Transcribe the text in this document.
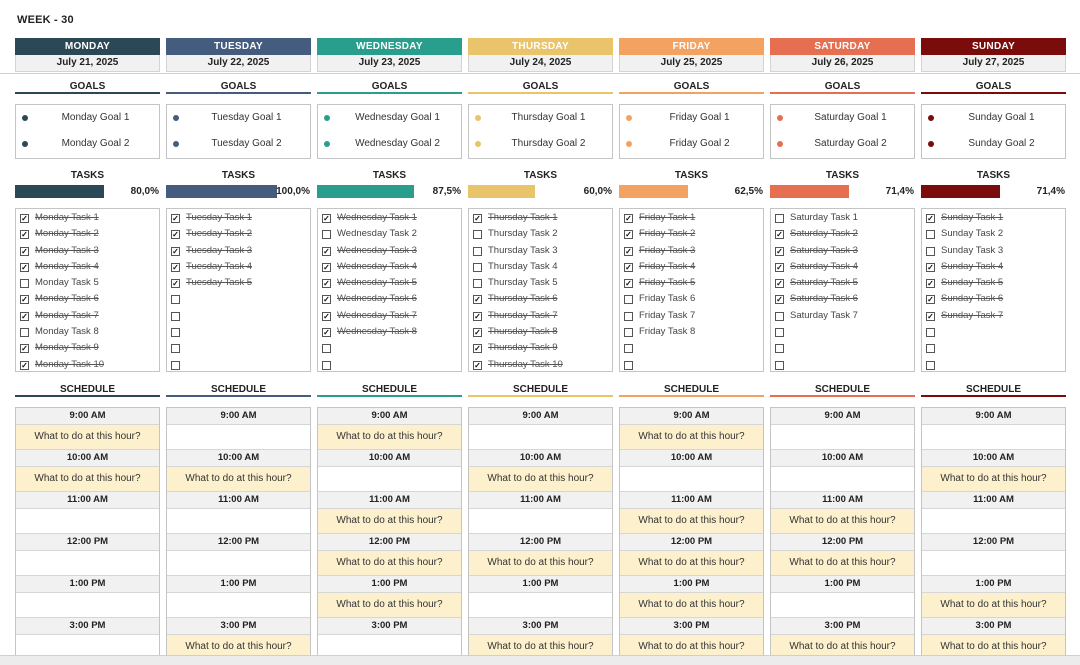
WEEK - 30
MONDAY
July 21, 2025
GOALS
Monday Goal 1
Monday Goal 2
TASKS
80,0%
✓ Monday Task 1
✓ Monday Task 2
✓ Monday Task 3
✓ Monday Task 4
Monday Task 5
✓ Monday Task 6
✓ Monday Task 7
Monday Task 8
✓ Monday Task 9
✓ Monday Task 10
SCHEDULE
9:00 AM
What to do at this hour?
10:00 AM
What to do at this hour?
11:00 AM
12:00 PM
1:00 PM
3:00 PM
TUESDAY
July 22, 2025
GOALS
Tuesday Goal 1
Tuesday Goal 2
TASKS
100,0%
✓ Tuesday Task 1
✓ Tuesday Task 2
✓ Tuesday Task 3
✓ Tuesday Task 4
✓ Tuesday Task 5
SCHEDULE
9:00 AM
10:00 AM
What to do at this hour?
11:00 AM
12:00 PM
1:00 PM
3:00 PM
What to do at this hour?
WEDNESDAY
July 23, 2025
GOALS
Wednesday Goal 1
Wednesday Goal 2
TASKS
87,5%
✓ Wednesday Task 1
Wednesday Task 2
✓ Wednesday Task 3
✓ Wednesday Task 4
✓ Wednesday Task 5
✓ Wednesday Task 6
✓ Wednesday Task 7
✓ Wednesday Task 8
SCHEDULE
9:00 AM
What to do at this hour?
10:00 AM
11:00 AM
What to do at this hour?
12:00 PM
What to do at this hour?
1:00 PM
What to do at this hour?
3:00 PM
THURSDAY
July 24, 2025
GOALS
Thursday Goal 1
Thursday Goal 2
TASKS
60,0%
✓ Thursday Task 1
Thursday Task 2
Thursday Task 3
Thursday Task 4
Thursday Task 5
✓ Thursday Task 6
✓ Thursday Task 7
✓ Thursday Task 8
✓ Thursday Task 9
✓ Thursday Task 10
SCHEDULE
9:00 AM
10:00 AM
What to do at this hour?
11:00 AM
12:00 PM
What to do at this hour?
1:00 PM
3:00 PM
What to do at this hour?
FRIDAY
July 25, 2025
GOALS
Friday Goal 1
Friday Goal 2
TASKS
62,5%
✓ Friday Task 1
✓ Friday Task 2
✓ Friday Task 3
✓ Friday Task 4
✓ Friday Task 5
Friday Task 6
Friday Task 7
Friday Task 8
SCHEDULE
9:00 AM
What to do at this hour?
10:00 AM
11:00 AM
What to do at this hour?
12:00 PM
What to do at this hour?
1:00 PM
What to do at this hour?
3:00 PM
What to do at this hour?
SATURDAY
July 26, 2025
GOALS
Saturday Goal 1
Saturday Goal 2
TASKS
71,4%
Saturday Task 1
✓ Saturday Task 2
✓ Saturday Task 3
✓ Saturday Task 4
✓ Saturday Task 5
✓ Saturday Task 6
Saturday Task 7
SCHEDULE
9:00 AM
10:00 AM
11:00 AM
What to do at this hour?
12:00 PM
What to do at this hour?
1:00 PM
3:00 PM
What to do at this hour?
SUNDAY
July 27, 2025
GOALS
Sunday Goal 1
Sunday Goal 2
TASKS
71,4%
✓ Sunday Task 1
Sunday Task 2
Sunday Task 3
✓ Sunday Task 4
✓ Sunday Task 5
✓ Sunday Task 6
✓ Sunday Task 7
SCHEDULE
9:00 AM
10:00 AM
What to do at this hour?
11:00 AM
12:00 PM
1:00 PM
What to do at this hour?
3:00 PM
What to do at this hour?
